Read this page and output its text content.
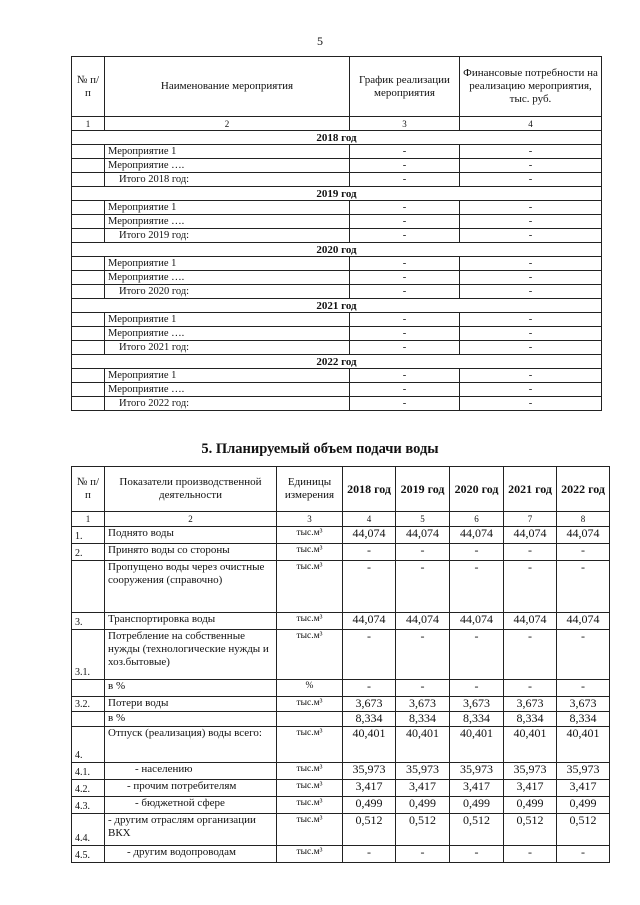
5
№ п/п	Наименование мероприятия	График реализации мероприятия	Финансовые потребности на реализацию мероприятия, тыс. руб.
1	2	3	4
2018 год			
	Мероприятие 1	-	-
	Мероприятие ….	-	-
	Итого 2018 год:	-	-
2019 год			
	Мероприятие 1	-	-
	Мероприятие ….	-	-
	Итого 2019 год:	-	-
2020 год			
	Мероприятие 1	-	-
	Мероприятие ….	-	-
	Итого 2020 год:	-	-
2021 год			
	Мероприятие 1	-	-
	Мероприятие ….	-	-
	Итого 2021 год:	-	-
2022 год			
	Мероприятие 1	-	-
	Мероприятие ….	-	-
	Итого 2022 год:	-	-
5. Планируемый объем подачи воды
№ п/п	Показатели производственной деятельности	Единицы измерения	2018 год	2019 год	2020 год	2021 год	2022 год
1	2	3	4	5	6	7	8
1.	Поднято воды	тыс.м³	44,074	44,074	44,074	44,074	44,074
2.	Принято воды со стороны	тыс.м³	-	-	-	-	-
	Пропущено воды через очистные сооружения (справочно)	тыс.м³	-	-	-	-	-
3.	Транспортировка воды	тыс.м³	44,074	44,074	44,074	44,074	44,074
3.1.	Потребление на собственные нужды (технологические нужды и хоз.бытовые)	тыс.м³	-	-	-	-	-
	в %	%	-	-	-	-	-
3.2.	Потери воды	тыс.м³	3,673	3,673	3,673	3,673	3,673
	в %		8,334	8,334	8,334	8,334	8,334
4.	Отпуск (реализация) воды всего:	тыс.м³	40,401	40,401	40,401	40,401	40,401
4.1.	- населению	тыс.м³	35,973	35,973	35,973	35,973	35,973
4.2.	- прочим потребителям	тыс.м³	3,417	3,417	3,417	3,417	3,417
4.3.	- бюджетной сфере	тыс.м³	0,499	0,499	0,499	0,499	0,499
4.4.	- другим отраслям организации ВКХ	тыс.м³	0,512	0,512	0,512	0,512	0,512
4.5.	- другим водопроводам	тыс.м³	-	-	-	-	-
